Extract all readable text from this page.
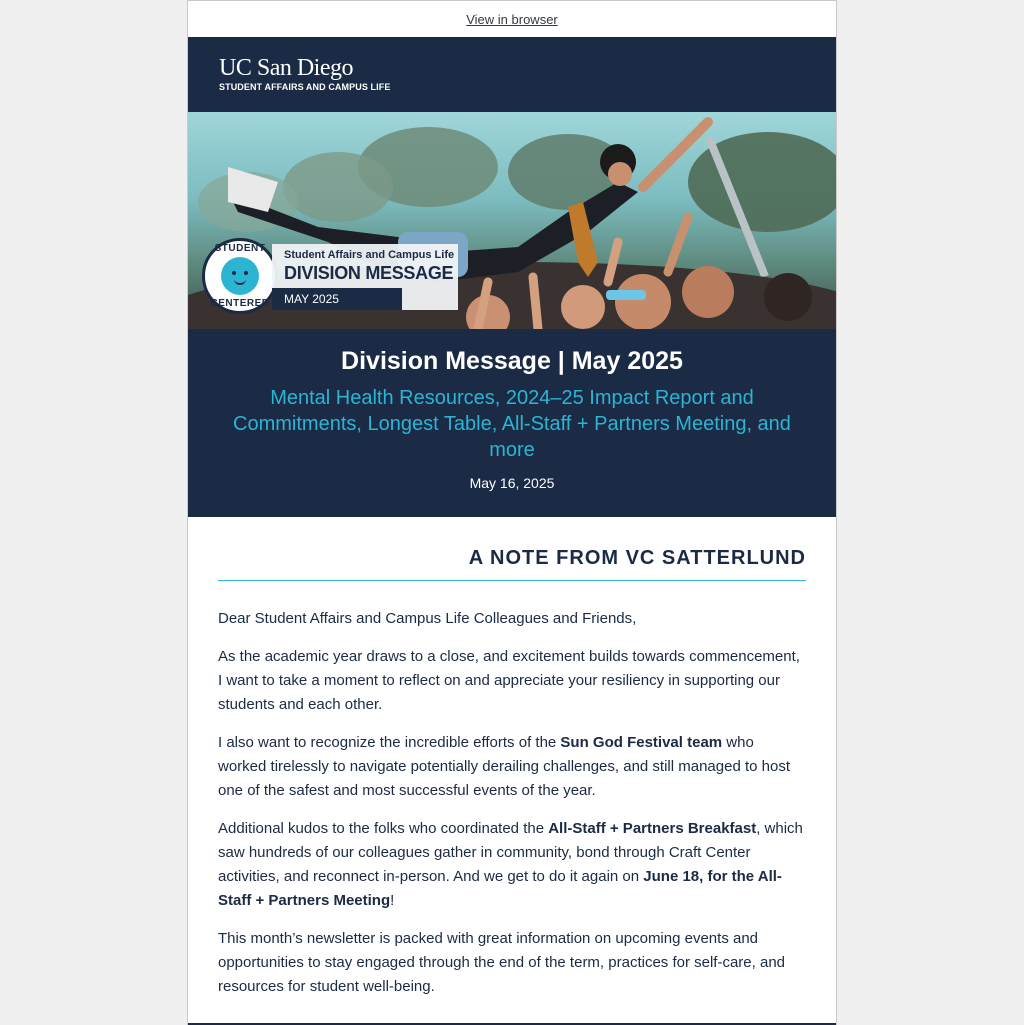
View in browser
UC San Diego
STUDENT AFFAIRS AND CAMPUS LIFE
STUDENT
CENTERED
Student Affairs and Campus Life
DIVISION MESSAGE
MAY 2025
Division Message | May 2025
Mental Health Resources, 2024–25 Impact Report and Commitments, Longest Table, All-Staff + Partners Meeting, and more
May 16, 2025
A NOTE FROM VC SATTERLUND

Dear Student Affairs and Campus Life Colleagues and Friends,

As the academic year draws to a close, and excitement builds towards commencement, I want to take a moment to reflect on and appreciate your resiliency in supporting our students and each other.

I also want to recognize the incredible efforts of the Sun God Festival team who worked tirelessly to navigate potentially derailing challenges, and still managed to host one of the safest and most successful events of the year.

Additional kudos to the folks who coordinated the All-Staff + Partners Breakfast, which saw hundreds of our colleagues gather in community, bond through Craft Center activities, and reconnect in-person. And we get to do it again on June 18, for the All-Staff + Partners Meeting!

This month’s newsletter is packed with great information on upcoming events and opportunities to stay engaged through the end of the term, practices for self-care, and resources for student well-being.
